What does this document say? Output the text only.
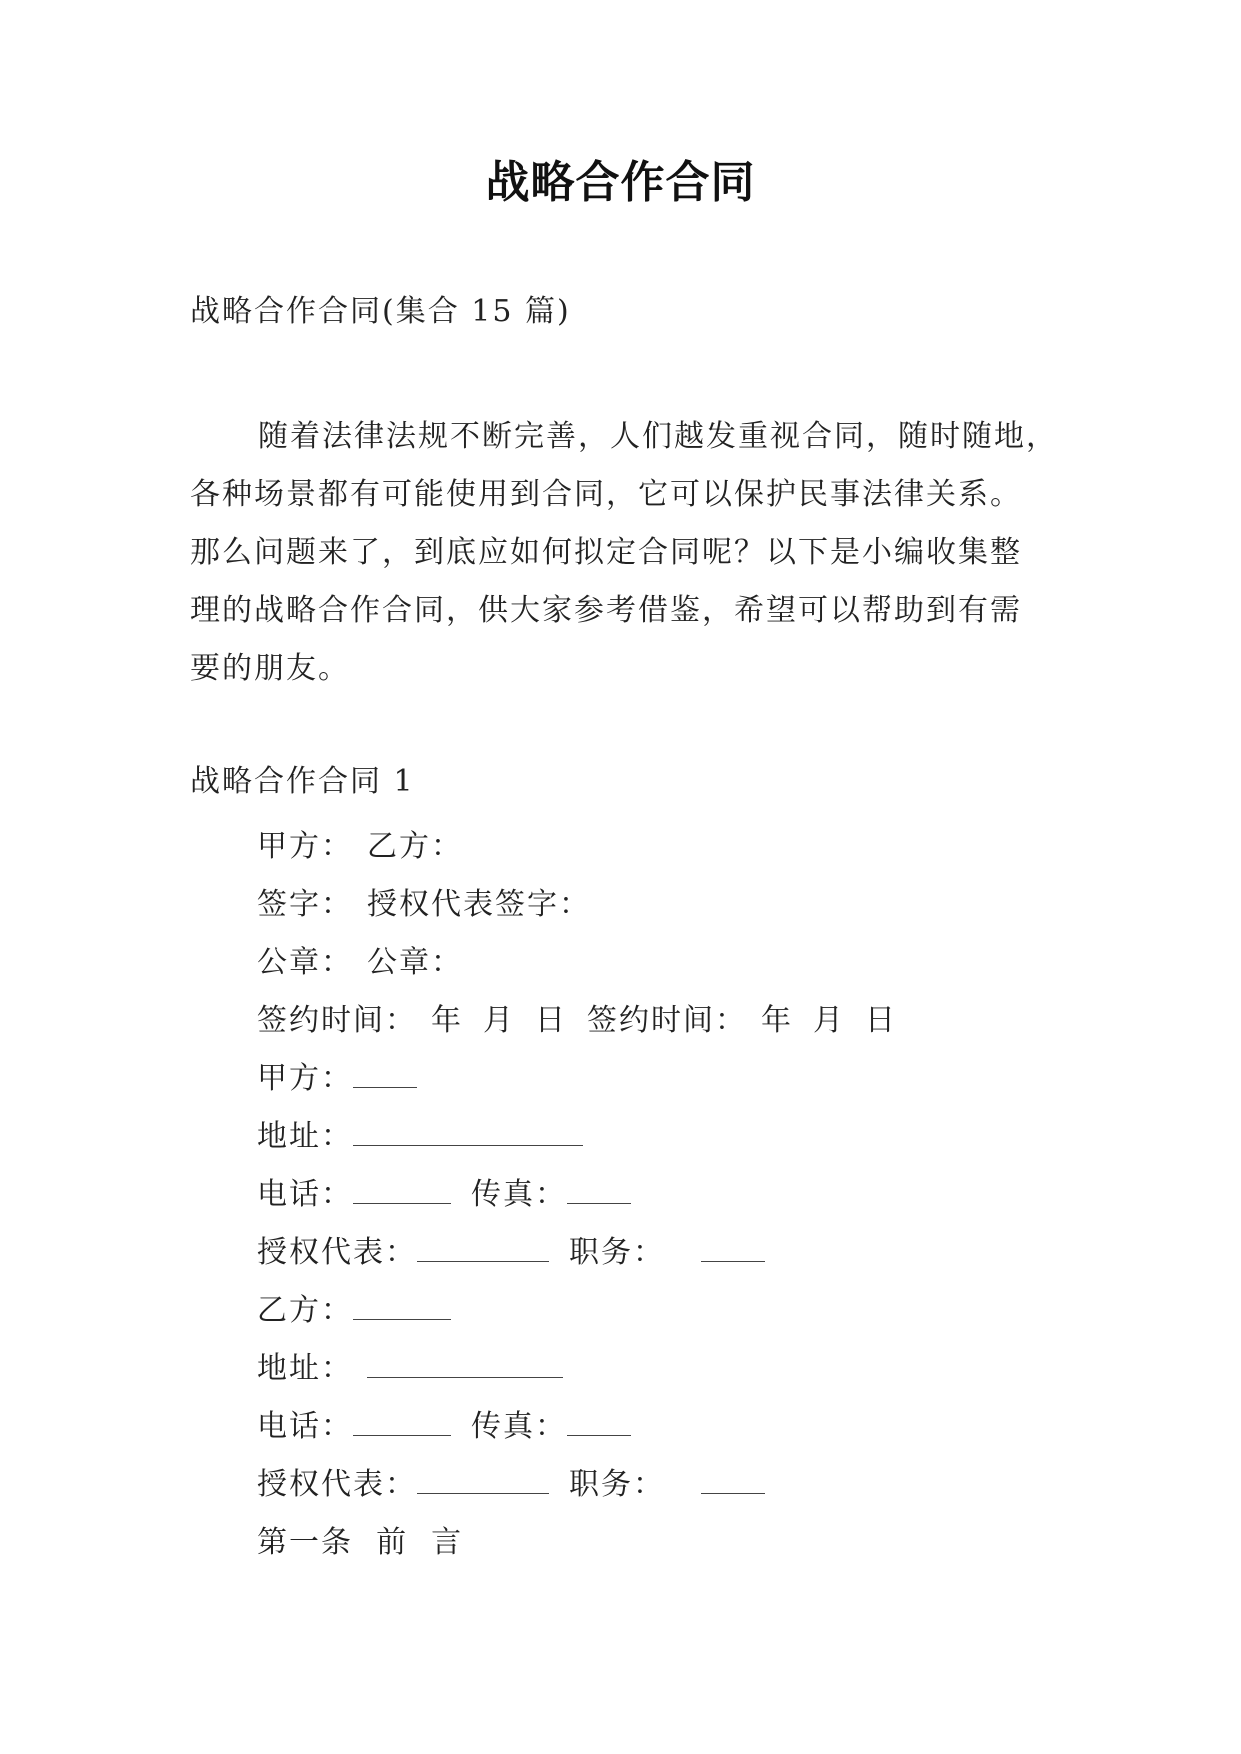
战略合作合同
战略合作合同(集合 15 篇)
随着法律法规不断完善，人们越发重视合同，随时随地，
各种场景都有可能使用到合同，它可以保护民事法律关系。
那么问题来了，到底应如何拟定合同呢？以下是小编收集整
理的战略合作合同，供大家参考借鉴，希望可以帮助到有需
要的朋友。
战略合作合同 1
甲方： 乙方：
签字： 授权代表签字：
公章： 公章：
签约时间： 年 月 日 签约时间： 年 月 日
甲方：
地址：
电话：	传真：
授权代表：	职务：
乙方：
地址：
电话：	传真：
授权代表：	职务：
第一条  前  言
